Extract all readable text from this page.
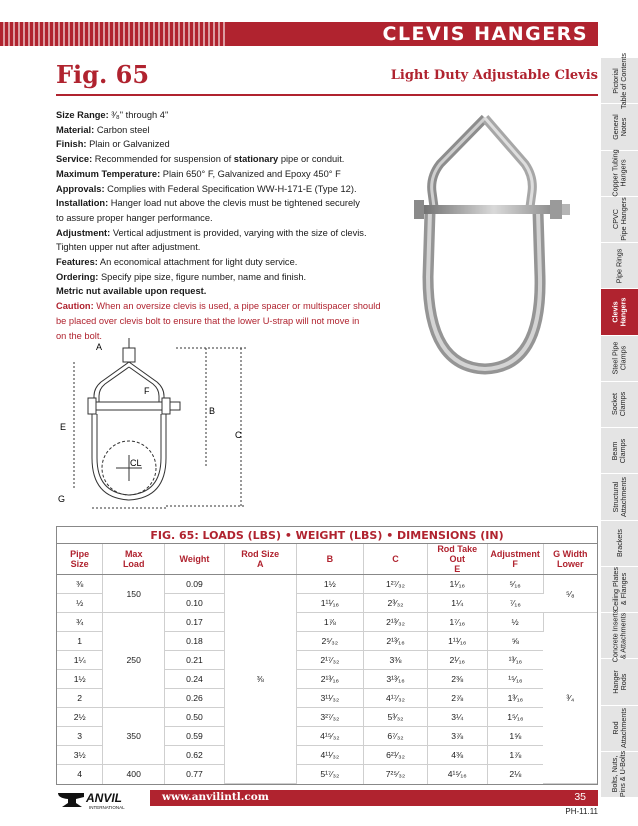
CLEVIS HANGERS
Fig. 65	Light Duty Adjustable Clevis
Size Range: ³⁄₈" through 4"
Material: Carbon steel
Finish: Plain or Galvanized
Service: Recommended for suspension of stationary pipe or conduit.
Maximum Temperature: Plain 650° F, Galvanized and Epoxy 450° F
Approvals: Complies with Federal Specification WW-H-171-E (Type 12).
Installation: Hanger load nut above the clevis must be tightened securely
to assure proper hanger performance.
Adjustment: Vertical adjustment is provided, varying with the size of clevis.
Tighten upper nut after adjustment.
Features: An economical attachment for light duty service.
Ordering: Specify pipe size, figure number, name and finish.
Metric nut available upon request.
Caution: When an oversize clevis is used, a pipe spacer or multispacer should
be placed over clevis bolt to ensure that the lower U-strap will not move in
on the bolt.
A
F
B
E
C
CL
G
Pictorial
Table of Contents
General
Notes
Copper Tubing
Hangers
CPVC
Pipe Hangers
Pipe Rings
Clevis
Hangers
Steel Pipe
Clamps
Socket
Clamps
Beam
Clamps
Structural
Attachments
Brackets
Ceiling Plates
& Flanges
Concrete Inserts
& Attachments
Hanger
Rods
Rod
Attachments
Bolts, Nuts,
Pins & U-Bolts
FIG. 65: LOADS (LBS) • WEIGHT (LBS) • DIMENSIONS (IN)
Pipe
Size	Max
Load	Weight	Rod Size
A	B	C	Rod Take Out
E	Adjustment
F	G Width
Lower
⅜	150	0.09	⅜	1½	1²⁷⁄₃₂	1¹⁄₁₆	⁵⁄₁₆	⁵⁄₈
½		0.10		1¹¹⁄₁₆	2³⁄₃₂	1¼	⁷⁄₁₆	
¾	250	0.17		1⅞	2¹³⁄₃₂	1⁷⁄₁₆	½	³⁄₄
1		0.18		2⁵⁄₃₂	2¹³⁄₁₆	1¹¹⁄₁₆	⅝	
1¼		0.21		2¹⁷⁄₃₂	3⅜	2¹⁄₁₆	¹³⁄₁₆	
1½		0.24		2¹³⁄₁₆	3¹³⁄₁₆	2⅜	¹⁵⁄₁₆	
2		0.26		3¹¹⁄₃₂	4¹⁷⁄₃₂	2⅞	1³⁄₁₆	
2½	350	0.50		3²⁷⁄₃₂	5³⁄₃₂	3¼	1⁵⁄₁₆	
3		0.59		4¹⁵⁄₃₂	6⁷⁄₃₂	3⅞	1⅝	
3½		0.62		4¹¹⁄₃₂	6²¹⁄₃₂	4⅜	1⅞	
4	400	0.77		5¹⁷⁄₃₂	7²⁵⁄₃₂	4¹⁵⁄₁₆	2⅛	
ANVIL
INTERNATIONAL
www.anvilintl.com	35
PH-11.11
